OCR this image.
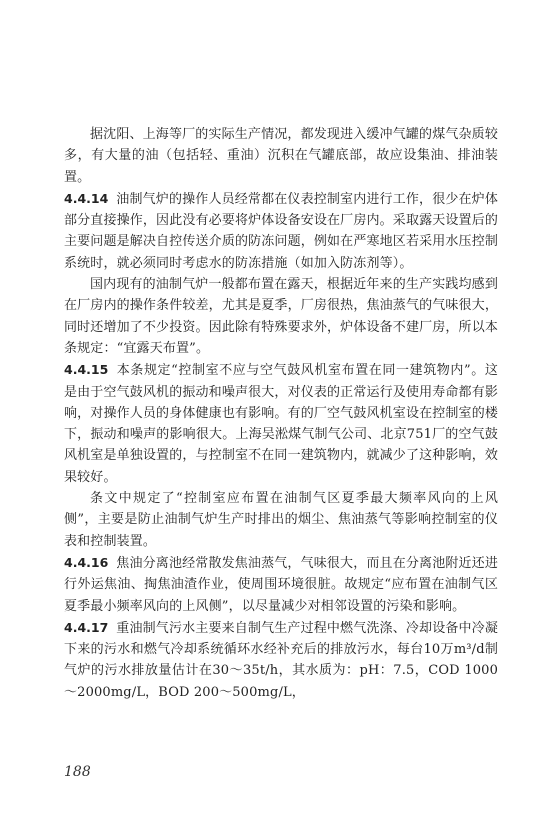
据沈阳、上海等厂的实际生产情况，都发现进入缓冲气罐的煤气杂质较多，有大量的油（包括轻、重油）沉积在气罐底部，故应设集油、排油装置。

4.4.14 油制气炉的操作人员经常都在仪表控制室内进行工作，很少在炉体部分直接操作，因此没有必要将炉体设备安设在厂房内。采取露天设置后的主要问题是解决自控传送介质的防冻问题，例如在严寒地区若采用水压控制系统时，就必须同时考虑水的防冻措施（如加入防冻剂等）。

国内现有的油制气炉一般都布置在露天，根据近年来的生产实践均感到在厂房内的操作条件较差，尤其是夏季，厂房很热，焦油蒸气的气味很大，同时还增加了不少投资。因此除有特殊要求外，炉体设备不建厂房，所以本条规定：“宜露天布置”。

4.4.15 本条规定“控制室不应与空气鼓风机室布置在同一建筑物内”。这是由于空气鼓风机的振动和噪声很大，对仪表的正常运行及使用寿命都有影响，对操作人员的身体健康也有影响。有的厂空气鼓风机室设在控制室的楼下，振动和噪声的影响很大。上海吴淞煤气制气公司、北京751厂的空气鼓风机室是单独设置的，与控制室不在同一建筑物内，就减少了这种影响，效果较好。

条文中规定了“控制室应布置在油制气区夏季最大频率风向的上风侧”，主要是防止油制气炉生产时排出的烟尘、焦油蒸气等影响控制室的仪表和控制装置。

4.4.16 焦油分离池经常散发焦油蒸气，气味很大，而且在分离池附近还进行外运焦油、掏焦油渣作业，使周围环境很脏。故规定“应布置在油制气区夏季最小频率风向的上风侧”，以尽量减少对相邻设置的污染和影响。

4.4.17 重油制气污水主要来自制气生产过程中燃气洗涤、冷却设备中冷凝下来的污水和燃气冷却系统循环水经补充后的排放污水，每台10万m³/d制气炉的污水排放量估计在30～35t/h，其水质为：pH：7.5，COD 1000～2000mg/L，BOD 200～500mg/L，

188
